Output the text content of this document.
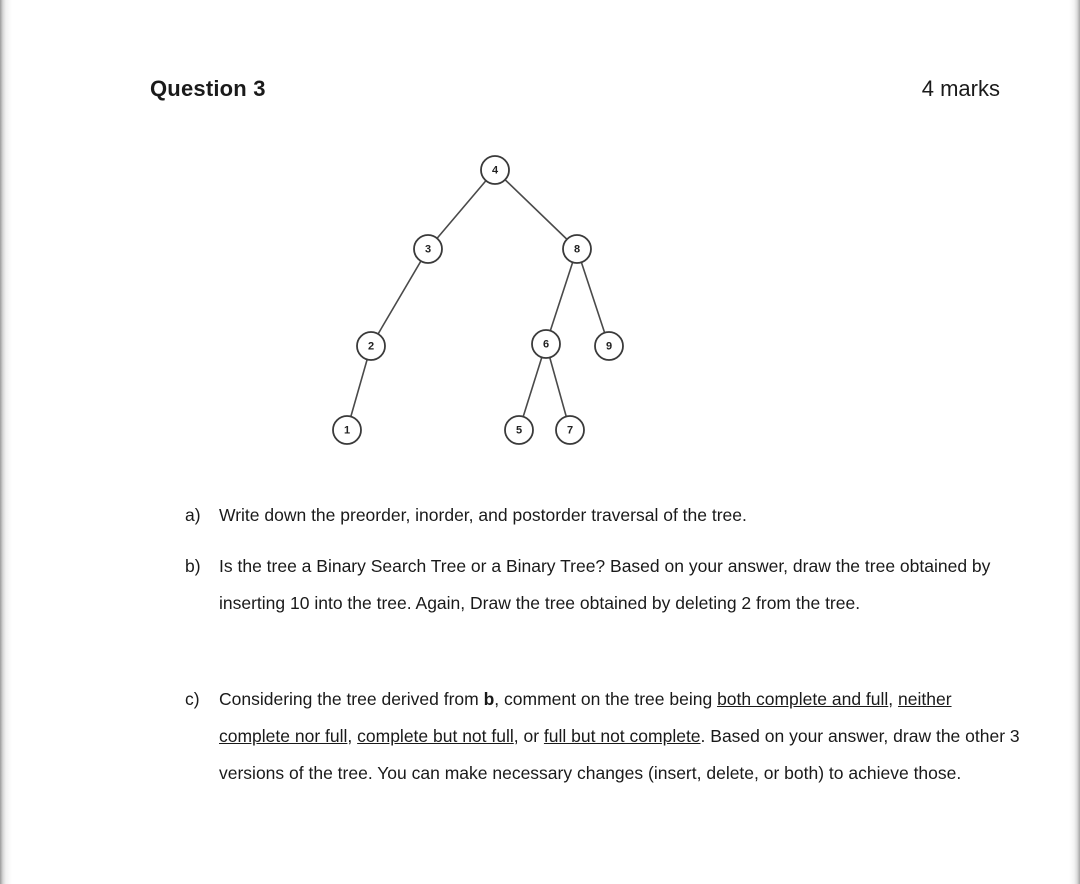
Question 3	4 marks
4
3	8
2	6	9
1	5	7
a) Write down the preorder, inorder, and postorder traversal of the tree.
b) Is the tree a Binary Search Tree or a Binary Tree? Based on your answer, draw the tree obtained by inserting 10 into the tree. Again, Draw the tree obtained by deleting 2 from the tree.
c) Considering the tree derived from b, comment on the tree being both complete and full, neither complete nor full, complete but not full, or full but not complete. Based on your answer, draw the other 3 versions of the tree. You can make necessary changes (insert, delete, or both) to achieve those.
